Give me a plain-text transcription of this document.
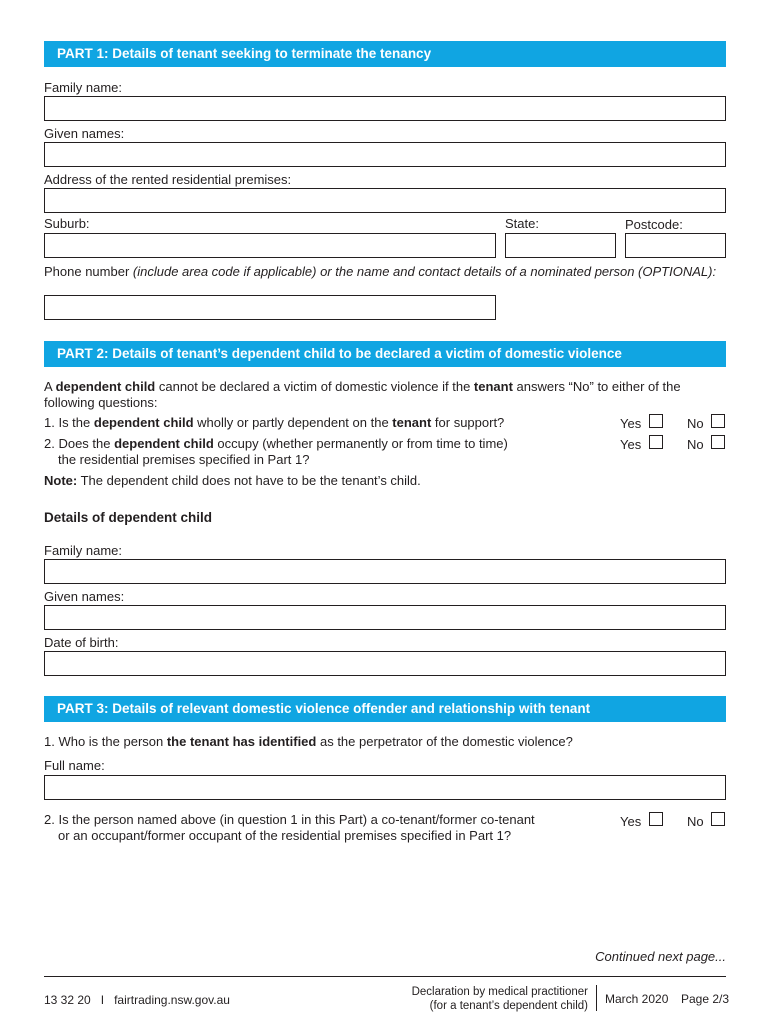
PART 1: Details of tenant seeking to terminate the tenancy
Family name:
Given names:
Address of the rented residential premises:
Suburb:	State:	Postcode:
Phone number (include area code if applicable) or the name and contact details of a nominated person (OPTIONAL):
PART 2: Details of tenant’s dependent child to be declared a victim of domestic violence
A dependent child cannot be declared a victim of domestic violence if the tenant answers “No” to either of the following questions:
1. Is the dependent child wholly or partly dependent on the tenant for support?	Yes	No
2. Does the dependent child occupy (whether permanently or from time to time)
the residential premises specified in Part 1?
Yes	No
Note: The dependent child does not have to be the tenant’s child.
Details of dependent child
Family name:
Given names:
Date of birth:
PART 3: Details of relevant domestic violence offender and relationship with tenant
1. Who is the person the tenant has identified as the perpetrator of the domestic violence?
Full name:
2. Is the person named above (in question 1 in this Part) a co-tenant/former co-tenant
or an occupant/former occupant of the residential premises specified in Part 1?
Yes	No
Continued next page...
13 32 20 I fairtrading.nsw.gov.au
Declaration by medical practitioner
(for a tenant’s dependent child) March 2020 Page 2/3
